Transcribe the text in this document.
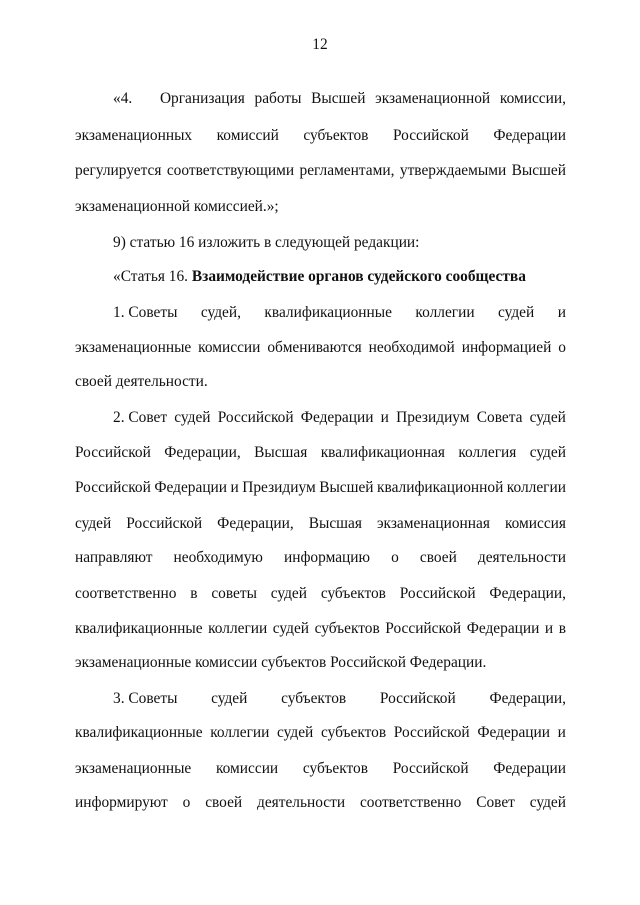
12
«4. Организация работы Высшей экзаменационной комиссии,
экзаменационных комиссий субъектов Российской Федерации
регулируется соответствующими регламентами, утверждаемыми Высшей
экзаменационной комиссией.»;
9) статью 16 изложить в следующей редакции:
«Статья 16. Взаимодействие органов судейского сообщества
1. Советы судей, квалификационные коллегии судей и
экзаменационные комиссии обмениваются необходимой информацией о
своей деятельности.
2. Совет судей Российской Федерации и Президиум Совета судей
Российской Федерации, Высшая квалификационная коллегия судей
Российской Федерации и Президиум Высшей квалификационной коллегии
судей Российской Федерации, Высшая экзаменационная комиссия
направляют необходимую информацию о своей деятельности
соответственно в советы судей субъектов Российской Федерации,
квалификационные коллегии судей субъектов Российской Федерации и в
экзаменационные комиссии субъектов Российской Федерации.
3. Советы судей субъектов Российской Федерации,
квалификационные коллегии судей субъектов Российской Федерации и
экзаменационные комиссии субъектов Российской Федерации
информируют о своей деятельности соответственно Совет судей
